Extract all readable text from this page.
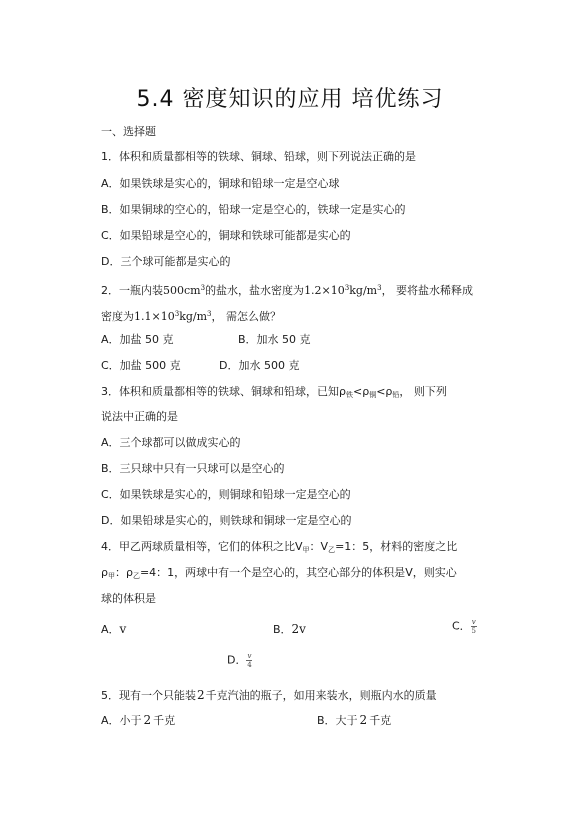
5.4 密度知识的应用 培优练习
一、选择题
1．体积和质量都相等的铁球、铜球、铅球，则下列说法正确的是
A．如果铁球是实心的，铜球和铅球一定是空心球
B．如果铜球的空心的，铅球一定是空心的，铁球一定是实心的
C．如果铅球是空心的，铜球和铁球可能都是实心的
D．三个球可能都是实心的
2．一瓶内装$500cm^3$的盐水，盐水密度为$1.2\times 10^3kg/m^3$， 要将盐水稀释成
密度为$1.1\times 10^3kg/m^3$， 需怎么做？
A．加盐 50 克	B．加水 50 克
C．加盐 500 克	D．加水 500 克
3．体积和质量都相等的铁球、铜球和铅球，已知$\rho_铁<\rho_铜<\rho_铅$， 则下列
说法中正确的是
A．三个球都可以做成实心的
B．三只球中只有一只球可以是空心的
C．如果铁球是实心的，则铜球和铅球一定是空心的
D．如果铅球是实心的，则铁球和铜球一定是空心的
4．甲乙两球质量相等，它们的体积之比$V_甲$：$V_乙=1$：5，材料的密度之比
$\rho_甲$：$\rho_乙=4$：1，两球中有一个是空心的，其空心部分的体积是V，则实心
球的体积是
A．v	B．2v	C． $\frac{v}{5}$
D． $\frac{v}{4}$
5．现有一个只能装2千克汽油的瓶子，如用来装水，则瓶内水的质量
A．小于 2 千克	B．大于 2 千克
